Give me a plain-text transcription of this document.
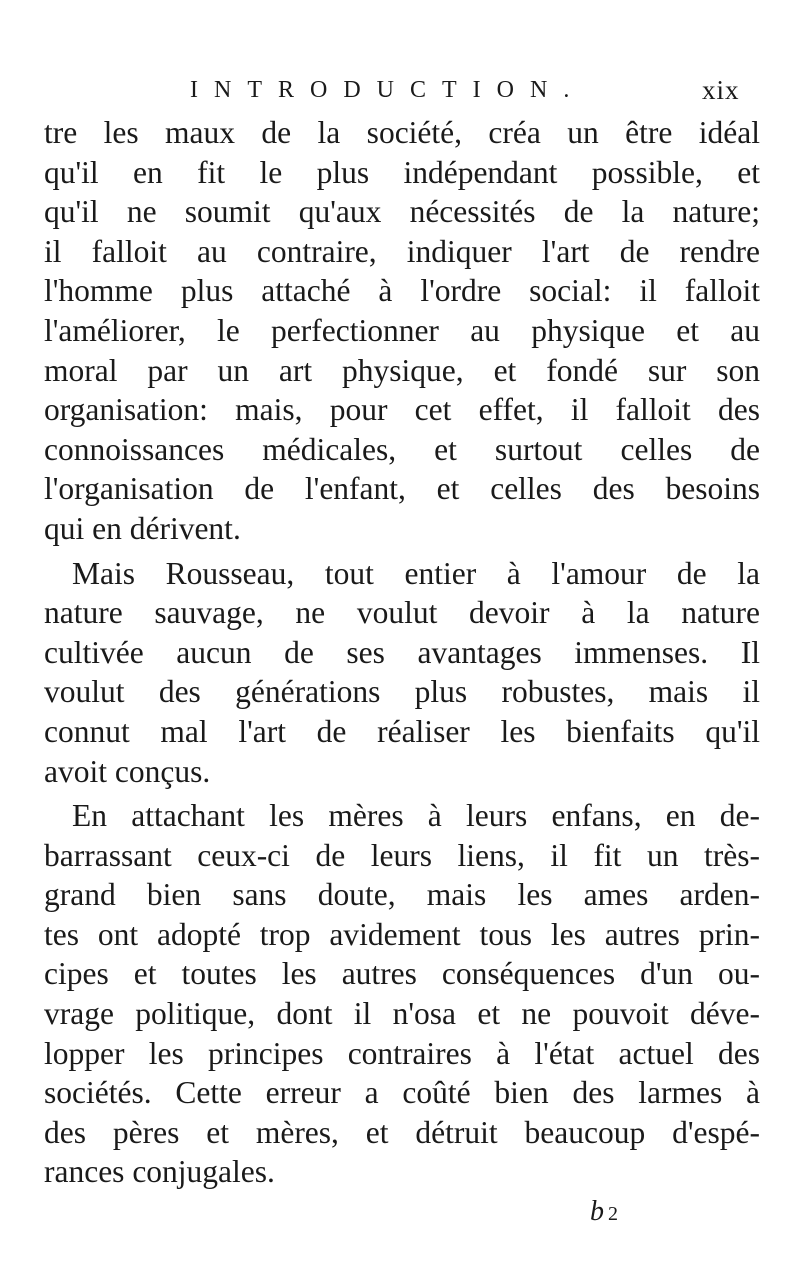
INTRODUCTION.	xix

tre les maux de la société, créa un être idéal
qu'il en fit le plus indépendant possible, et
qu'il ne soumit qu'aux nécessités de la nature;
il falloit au contraire, indiquer l'art de rendre
l'homme plus attaché à l'ordre social: il falloit
l'améliorer, le perfectionner au physique et au
moral par un art physique, et fondé sur son
organisation: mais, pour cet effet, il falloit des
connoissances médicales, et surtout celles de
l'organisation de l'enfant, et celles des besoins
qui en dérivent.

Mais Rousseau, tout entier à l'amour de la
nature sauvage, ne voulut devoir à la nature
cultivée aucun de ses avantages immenses. Il
voulut des générations plus robustes, mais il
connut mal l'art de réaliser les bienfaits qu'il
avoit conçus.

En attachant les mères à leurs enfans, en de-
barrassant ceux-ci de leurs liens, il fit un très-
grand bien sans doute, mais les ames arden-
tes ont adopté trop avidement tous les autres prin-
cipes et toutes les autres conséquences d'un ou-
vrage politique, dont il n'osa et ne pouvoit déve-
lopper les principes contraires à l'état actuel des
sociétés. Cette erreur a coûté bien des larmes à
des pères et mères, et détruit beaucoup d'espé-
rances conjugales.

b 2
